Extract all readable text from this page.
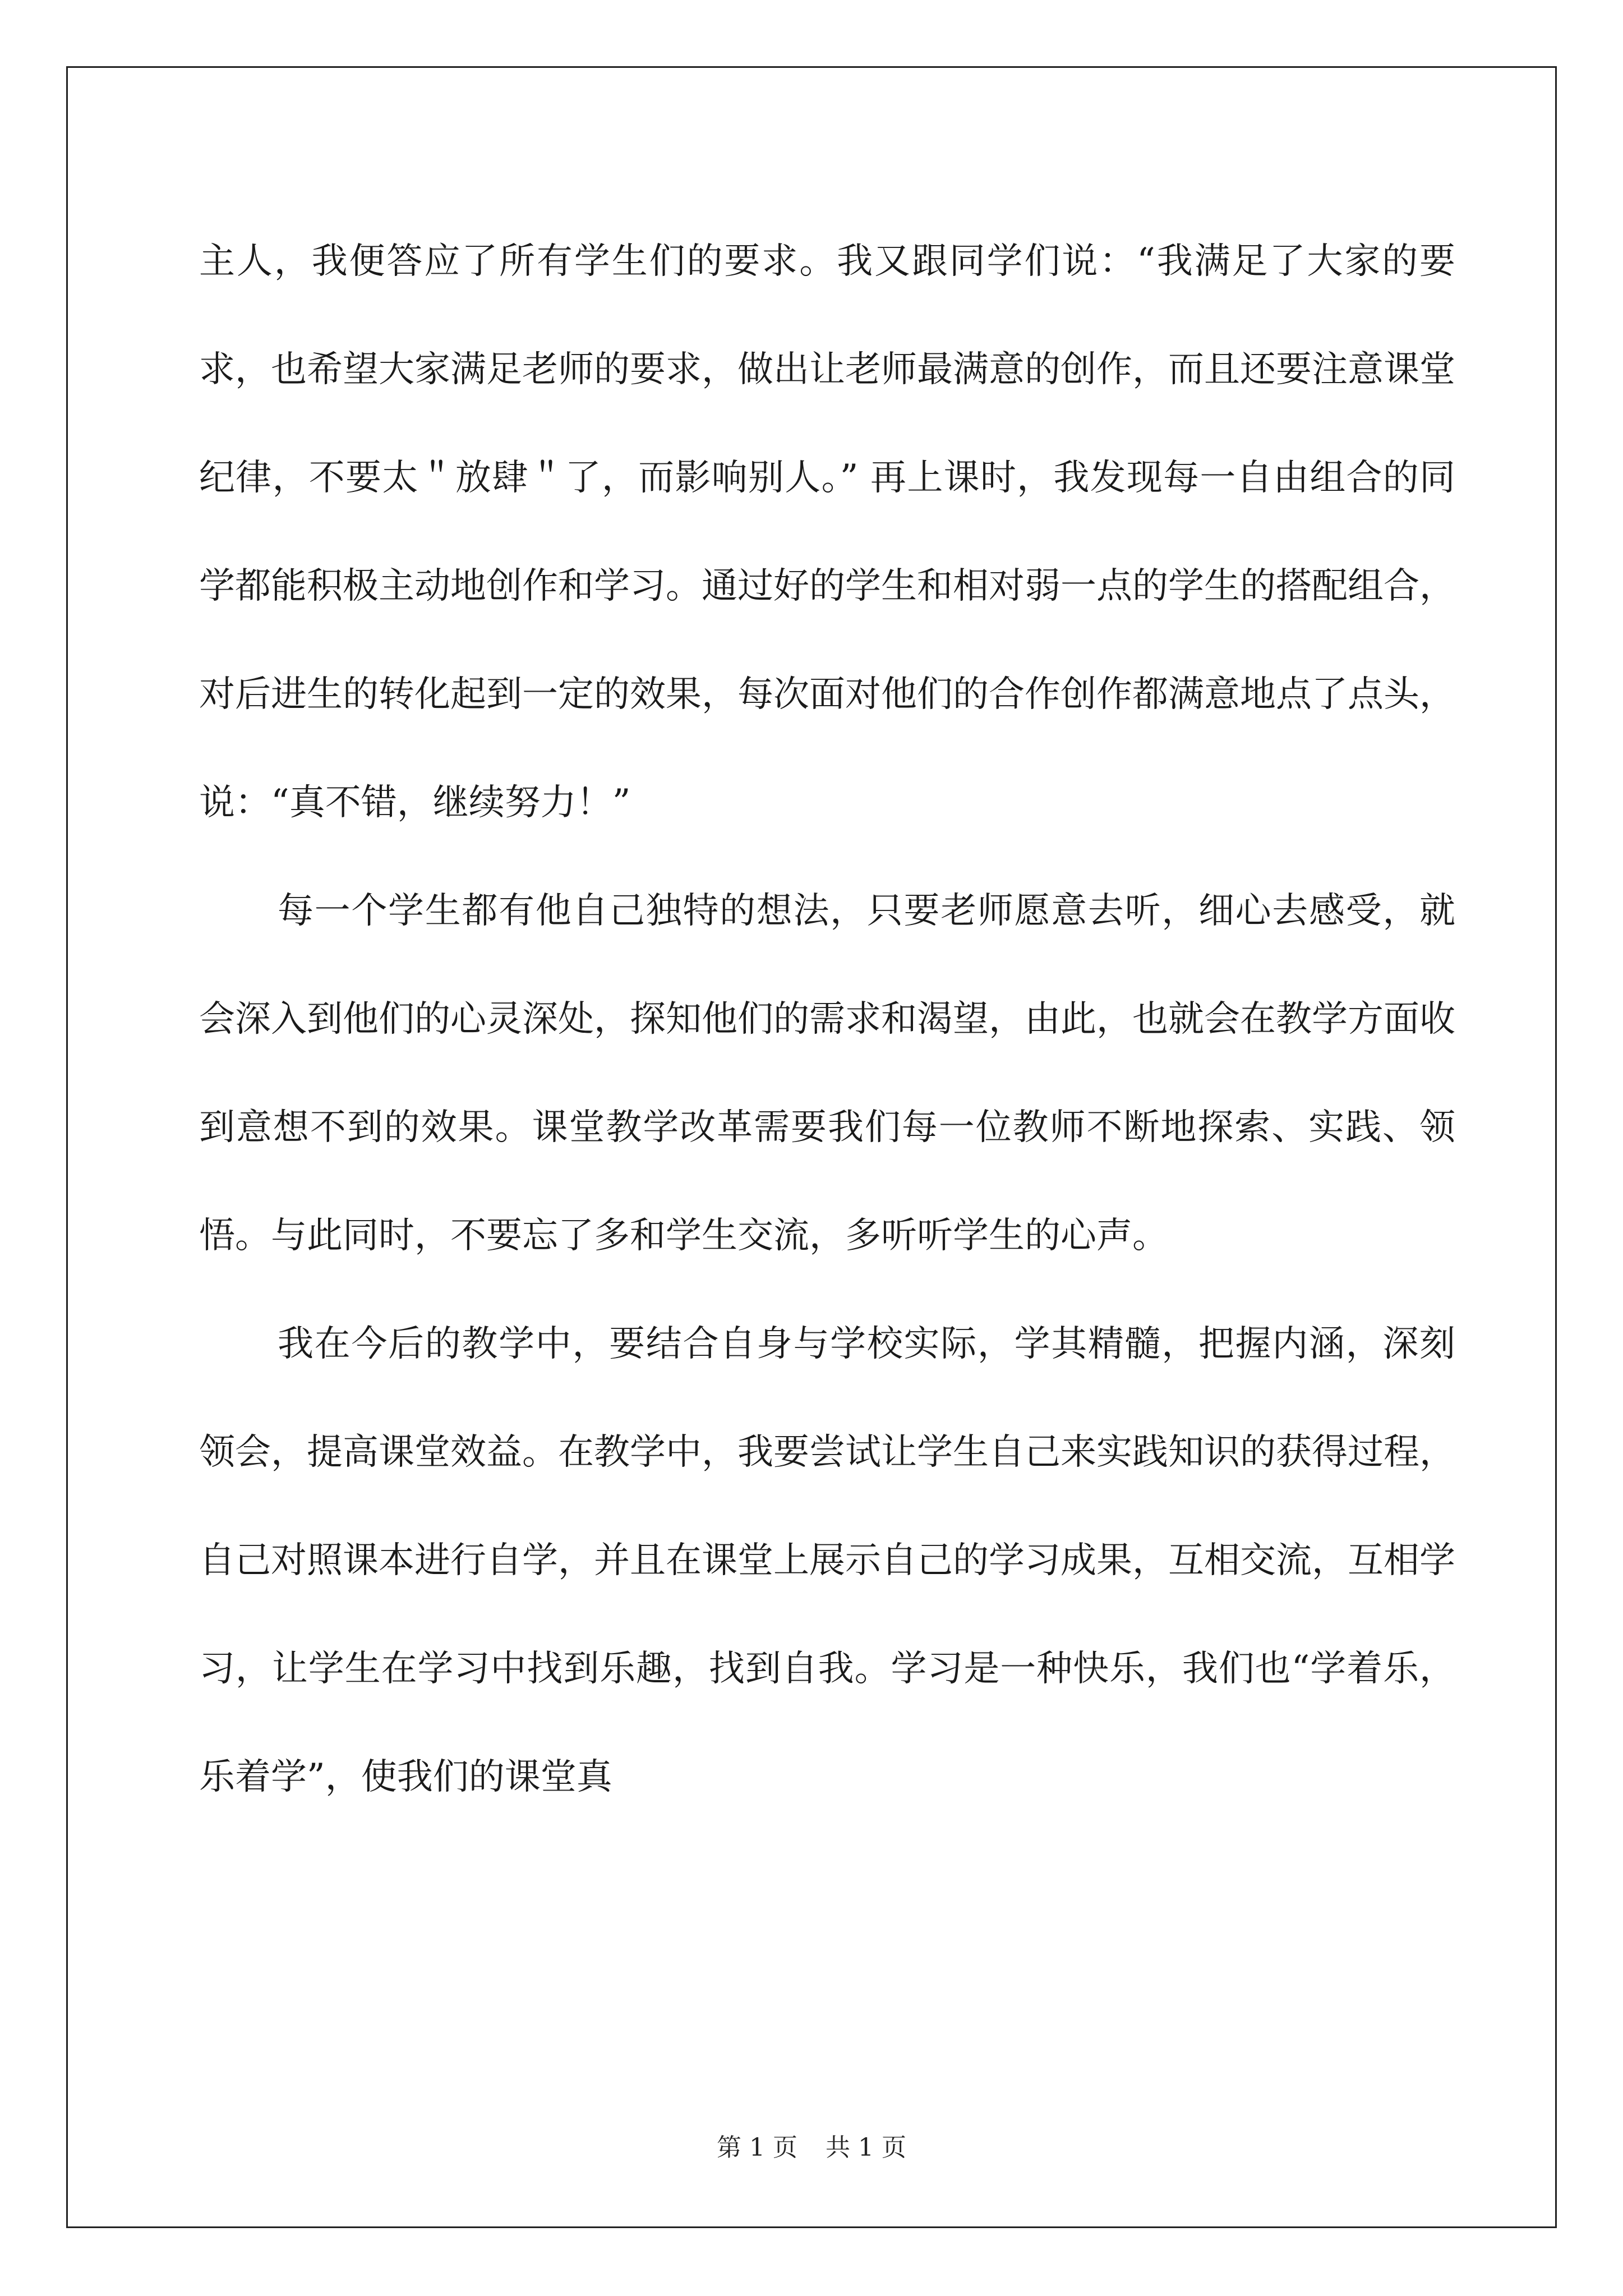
主人，我便答应了所有学生们的要求。我又跟同学们说：“我满足了大家的要求，也希望大家满足老师的要求，做出让老师最满意的创作，而且还要注意课堂纪律，不要太＂放肆＂了，而影响别人。” 再上课时，我发现每一自由组合的同学都能积极主动地创作和学习。通过好的学生和相对弱一点的学生的搭配组合，对后进生的转化起到一定的效果，每次面对他们的合作创作都满意地点了点头，说：“真不错，继续努力！”

每一个学生都有他自己独特的想法，只要老师愿意去听，细心去感受，就会深入到他们的心灵深处，探知他们的需求和渴望，由此，也就会在教学方面收到意想不到的效果。课堂教学改革需要我们每一位教师不断地探索、实践、领悟。与此同时，不要忘了多和学生交流，多听听学生的心声。

我在今后的教学中，要结合自身与学校实际，学其精髓，把握内涵，深刻领会，提高课堂效益。在教学中，我要尝试让学生自己来实践知识的获得过程，自己对照课本进行自学，并且在课堂上展示自己的学习成果，互相交流，互相学习，让学生在学习中找到乐趣，找到自我。学习是一种快乐，我们也“学着乐，乐着学”，使我们的课堂真

第 1 页 共 1 页
